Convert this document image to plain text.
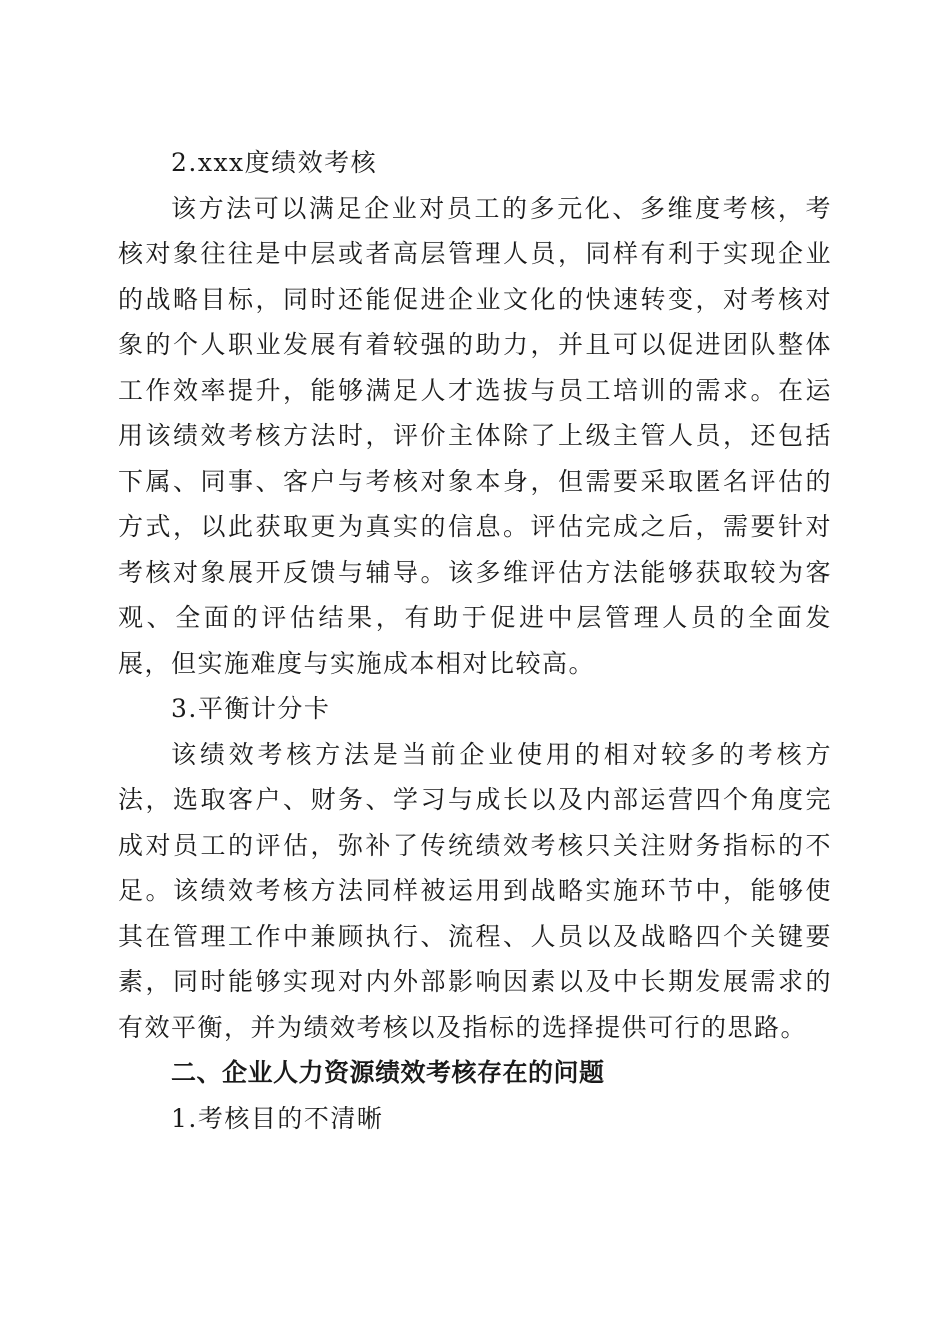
2.xxx度绩效考核

该方法可以满足企业对员工的多元化、多维度考核，考核对象往往是中层或者高层管理人员，同样有利于实现企业的战略目标，同时还能促进企业文化的快速转变，对考核对象的个人职业发展有着较强的助力，并且可以促进团队整体工作效率提升，能够满足人才选拔与员工培训的需求。在运用该绩效考核方法时，评价主体除了上级主管人员，还包括下属、同事、客户与考核对象本身，但需要采取匿名评估的方式，以此获取更为真实的信息。评估完成之后，需要针对考核对象展开反馈与辅导。该多维评估方法能够获取较为客观、全面的评估结果，有助于促进中层管理人员的全面发展，但实施难度与实施成本相对比较高。

3.平衡计分卡

该绩效考核方法是当前企业使用的相对较多的考核方法，选取客户、财务、学习与成长以及内部运营四个角度完成对员工的评估，弥补了传统绩效考核只关注财务指标的不足。该绩效考核方法同样被运用到战略实施环节中，能够使其在管理工作中兼顾执行、流程、人员以及战略四个关键要素，同时能够实现对内外部影响因素以及中长期发展需求的有效平衡，并为绩效考核以及指标的选择提供可行的思路。

二、企业人力资源绩效考核存在的问题

1.考核目的不清晰
